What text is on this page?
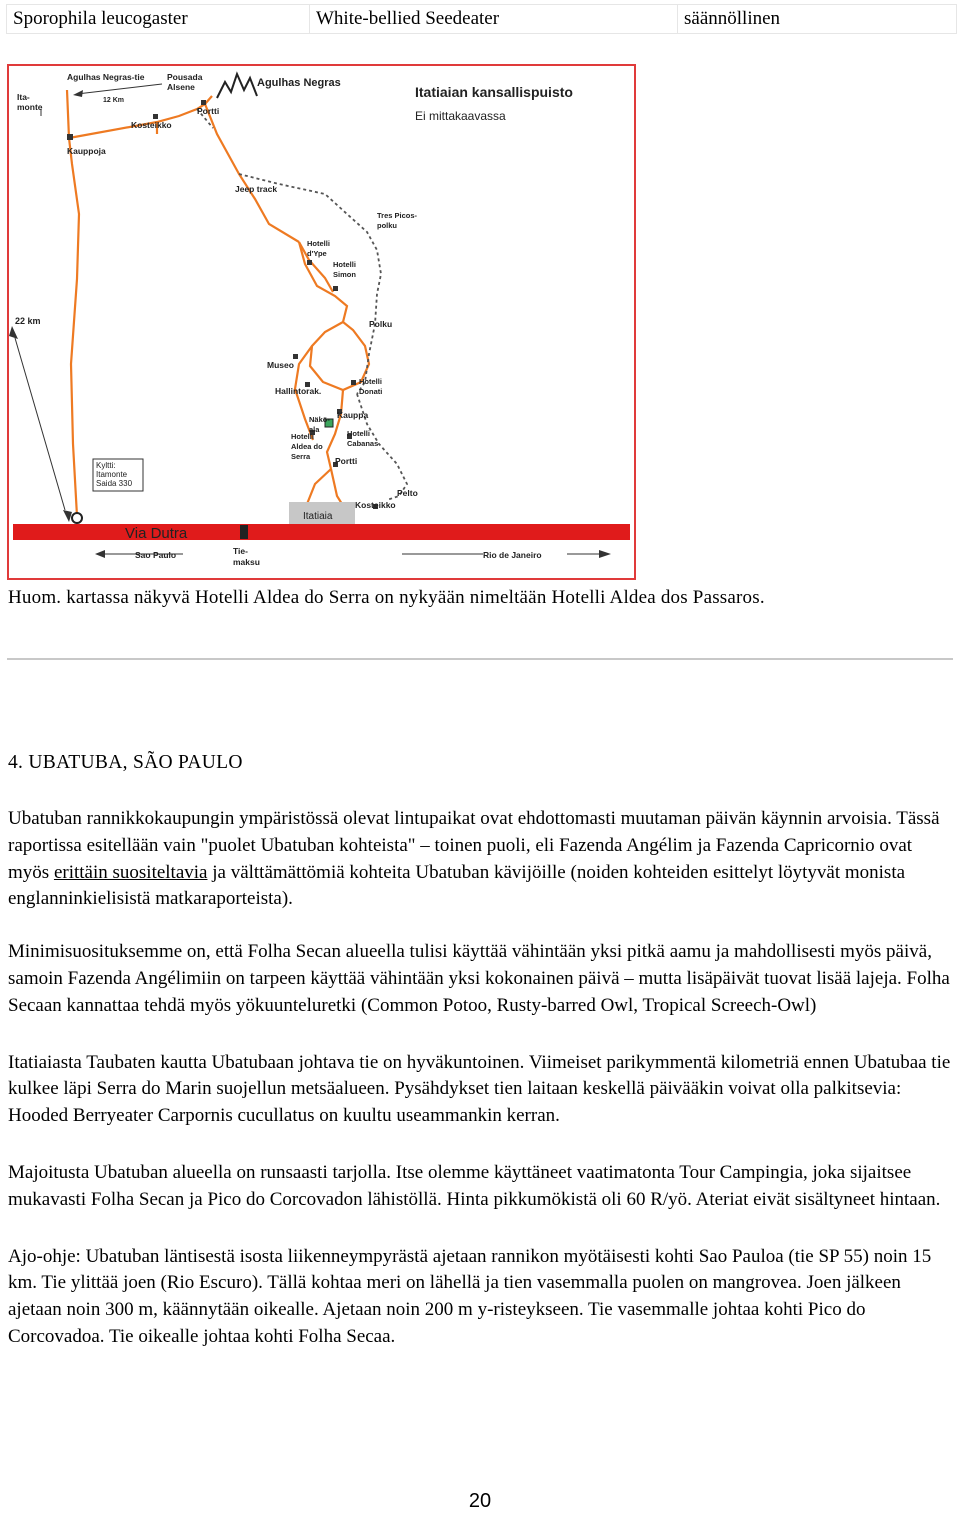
Sporophila leucogaster	White-bellied Seedeater	säännöllinen
Itatiaian kansallispuisto
Ei mittakaavassa
Kyltti:
Itamonte
Saida 330
Agulhas Negras-tie	Pousada
Alsene	Agulhas Negras
Ita-
monte
12 Km
Portti
Kosteikko
Kauppoja
Jeep track
Tres Picos-
polku
Hotelli
d'Ype
Hotelli
Simon
22 km	Polku
Museo
Hallintorak.
Hotelli
Donati
Näkö-
ala
Kauppa
Hotelli
Aldea do
Serra
Hotelli
Cabanas
Portti
Pelto
Kosteikko
Itatiaia
Via Dutra
Sao Paulo	Tie-
maksu
Rio de Janeiro
Huom. kartassa näkyvä Hotelli Aldea do Serra on nykyään nimeltään Hotelli Aldea dos Passaros.
4. UBATUBA, SÃO PAULO

Ubatuban rannikkokaupungin ympäristössä olevat lintupaikat ovat ehdottomasti muutaman päivän käynnin arvoisia. Tässä raportissa esitellään vain "puolet Ubatuban kohteista" – toinen puoli, eli Fazenda Angélim ja Fazenda Capricornio ovat myös erittäin suositeltavia ja välttämättömiä kohteita Ubatuban kävijöille (noiden kohteiden esittelyt löytyvät monista englanninkielisistä matkaraporteista).

Minimisuosituksemme on, että Folha Secan alueella tulisi käyttää vähintään yksi pitkä aamu ja mahdollisesti myös päivä, samoin Fazenda Angélimiin on tarpeen käyttää vähintään yksi kokonainen päivä – mutta lisäpäivät tuovat lisää lajeja. Folha Secaan kannattaa tehdä myös yökuunteluretki (Common Potoo, Rusty-barred Owl, Tropical Screech-Owl)

Itatiaiasta Taubaten kautta Ubatubaan johtava tie on hyväkuntoinen. Viimeiset parikymmentä kilometriä ennen Ubatubaa tie kulkee läpi Serra do Marin suojellun metsäalueen. Pysähdykset tien laitaan keskellä päivääkin voivat olla palkitsevia: Hooded Berryeater Carpornis cucullatus on kuultu useammankin kerran.

Majoitusta Ubatuban alueella on runsaasti tarjolla. Itse olemme käyttäneet vaatimatonta Tour Campingia, joka sijaitsee mukavasti Folha Secan ja Pico do Corcovadon lähistöllä. Hinta pikkumökistä oli 60 R/yö. Ateriat eivät sisältyneet hintaan.

Ajo-ohje: Ubatuban läntisestä isosta liikenneympyrästä ajetaan rannikon myötäisesti kohti Sao Pauloa (tie SP 55) noin 15 km. Tie ylittää joen (Rio Escuro). Tällä kohtaa meri on lähellä ja tien vasemmalla puolen on mangrovea. Joen jälkeen ajetaan noin 300 m, käännytään oikealle. Ajetaan noin 200 m y-risteykseen. Tie vasemmalle johtaa kohti Pico do Corcovadoa. Tie oikealle johtaa kohti Folha Secaa.

20
